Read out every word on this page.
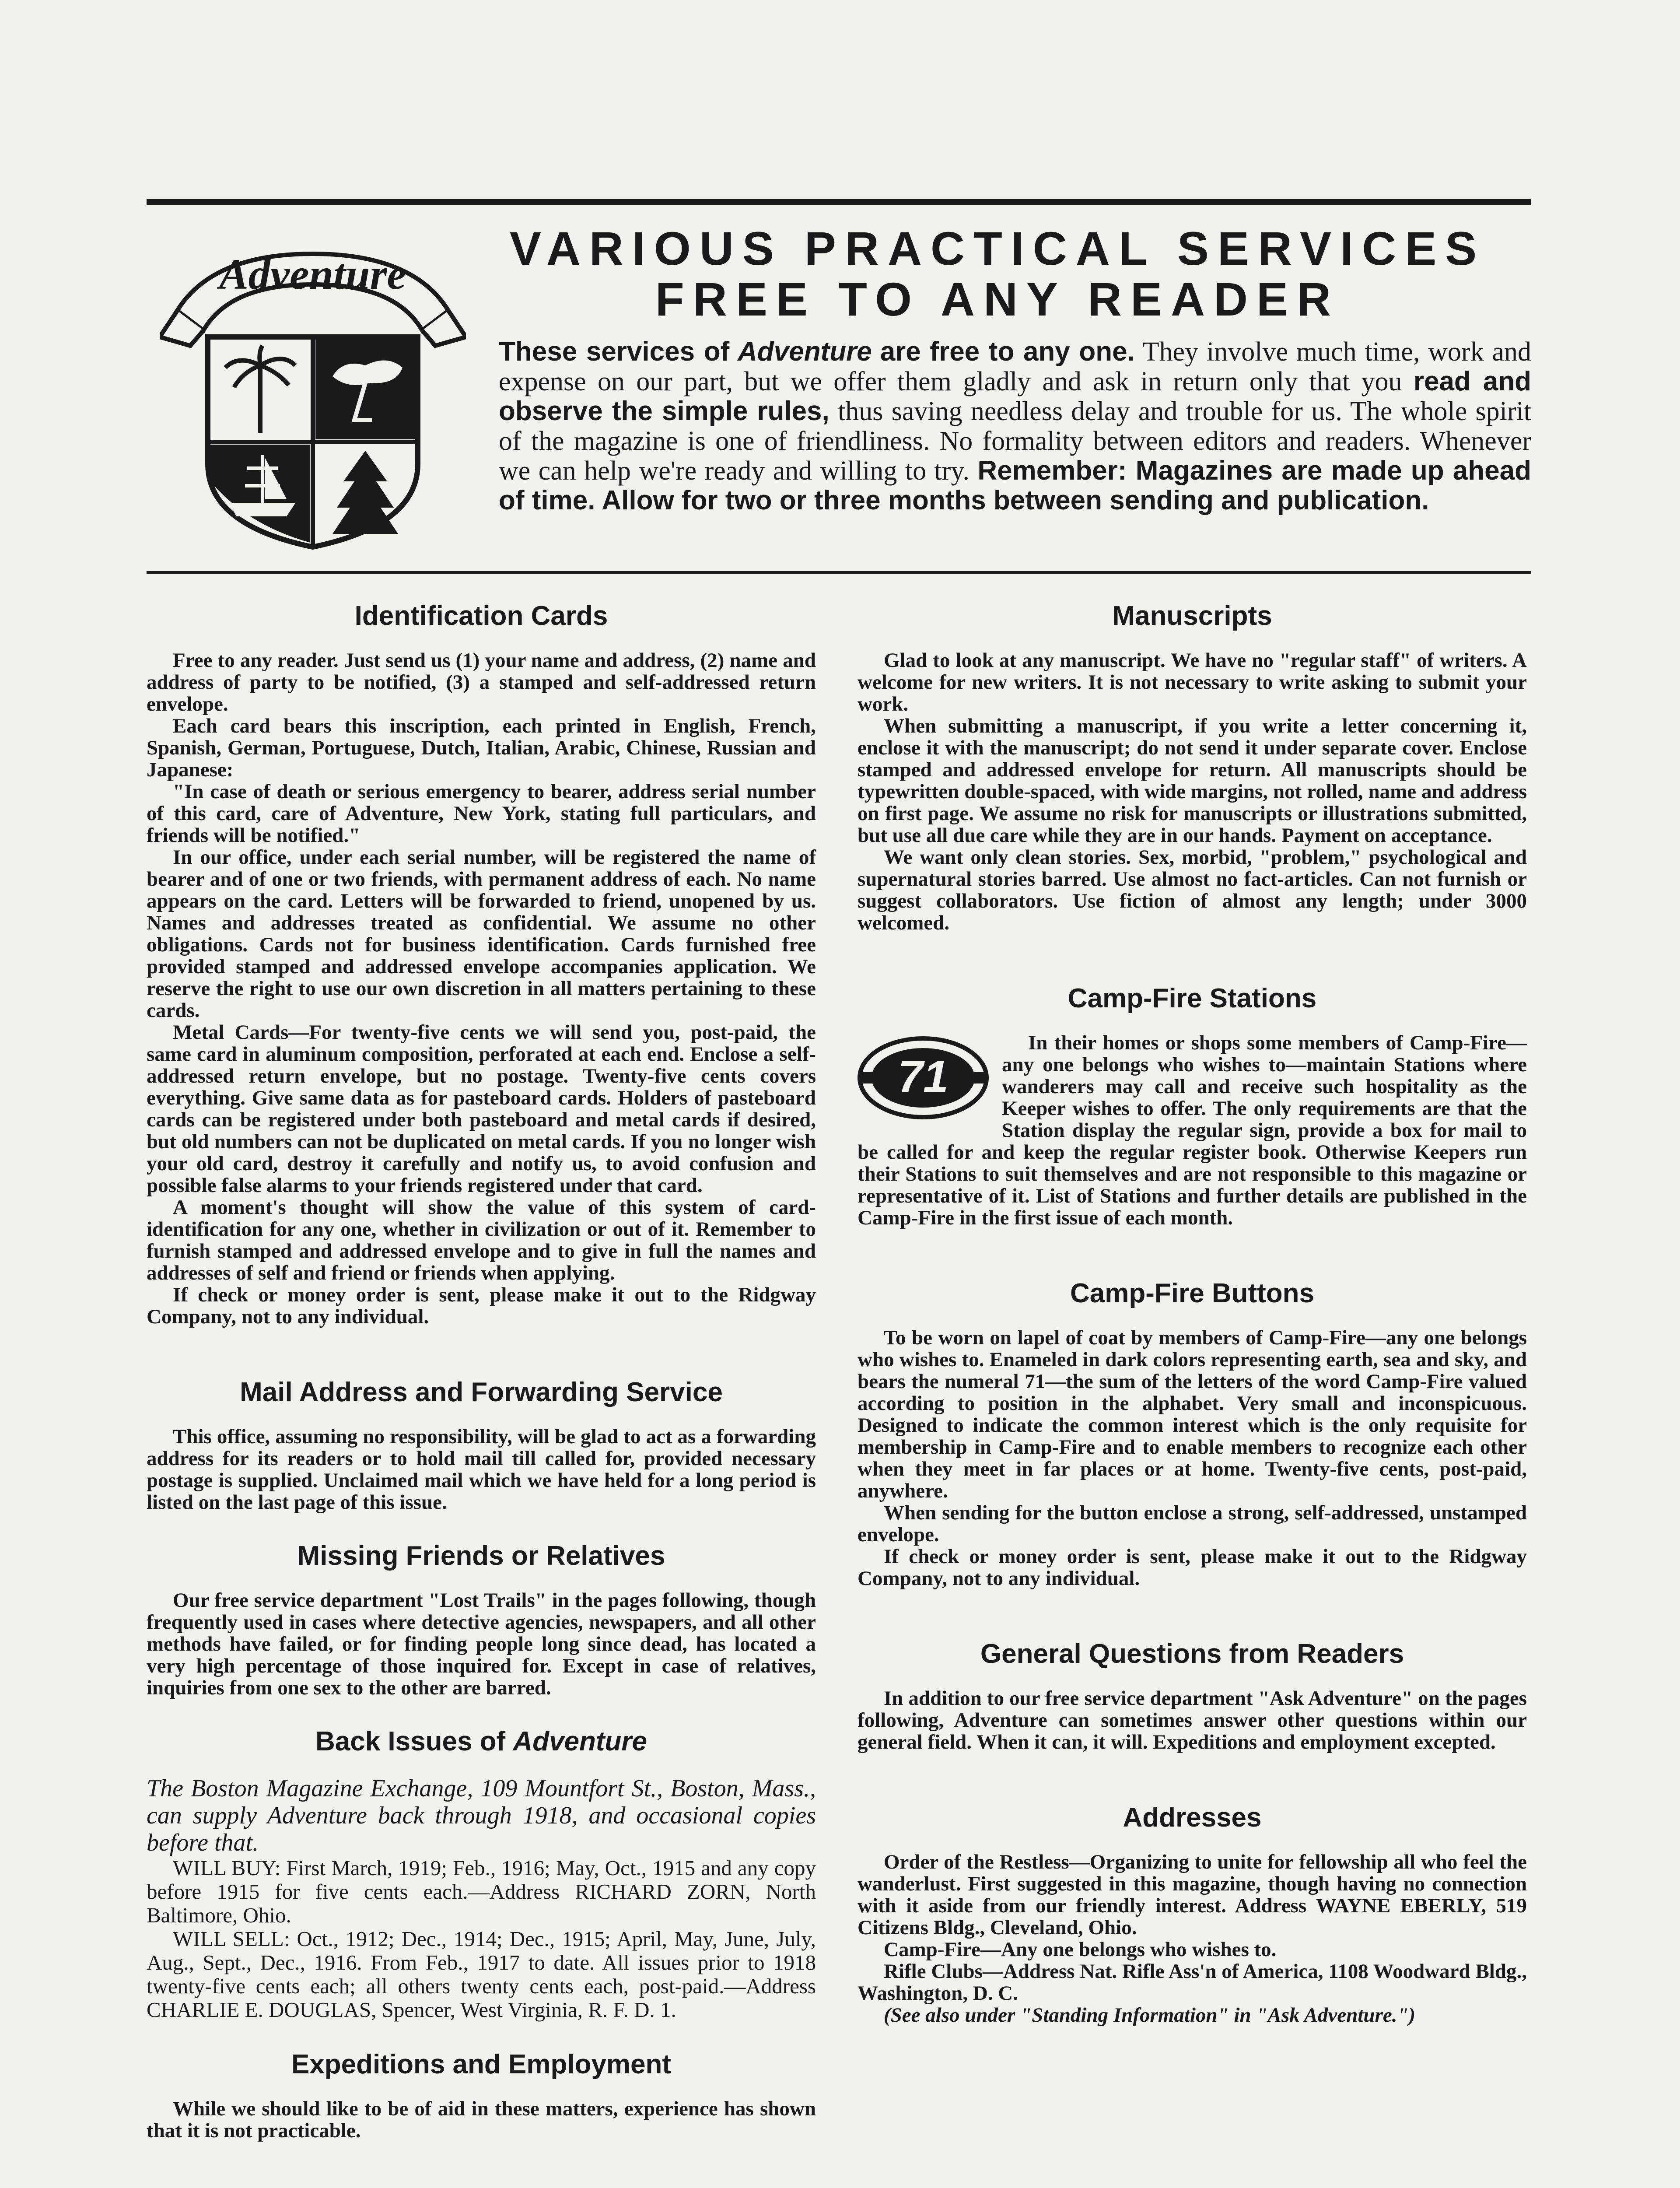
Adventure	VARIOUS PRACTICAL SERVICES
FREE TO ANY READER
These services of Adventure are free to any one. They involve much time, work and expense on our part, but we offer them gladly and ask in return only that you read and observe the simple rules, thus saving needless delay and trouble for us. The whole spirit of the magazine is one of friendliness. No formality between editors and readers. Whenever we can help we're ready and willing to try. Remember: Magazines are made up ahead of time. Allow for two or three months between sending and publication.
Identification Cards

Free to any reader. Just send us (1) your name and address, (2) name and address of party to be notified, (3) a stamped and self-addressed return envelope.

Each card bears this inscription, each printed in English, French, Spanish, German, Portuguese, Dutch, Italian, Arabic, Chinese, Russian and Japanese:

"In case of death or serious emergency to bearer, address serial number of this card, care of Adventure, New York, stating full particulars, and friends will be notified."

In our office, under each serial number, will be registered the name of bearer and of one or two friends, with permanent address of each. No name appears on the card. Letters will be forwarded to friend, unopened by us. Names and addresses treated as confidential. We assume no other obligations. Cards not for business identification. Cards furnished free provided stamped and addressed envelope accompanies application. We reserve the right to use our own discretion in all matters pertaining to these cards.

Metal Cards—For twenty-five cents we will send you, post-paid, the same card in aluminum composition, perforated at each end. Enclose a self-addressed return envelope, but no postage. Twenty-five cents covers everything. Give same data as for pasteboard cards. Holders of pasteboard cards can be registered under both pasteboard and metal cards if desired, but old numbers can not be duplicated on metal cards. If you no longer wish your old card, destroy it carefully and notify us, to avoid confusion and possible false alarms to your friends registered under that card.

A moment's thought will show the value of this system of card-identification for any one, whether in civilization or out of it. Remember to furnish stamped and addressed envelope and to give in full the names and addresses of self and friend or friends when applying.

If check or money order is sent, please make it out to the Ridgway Company, not to any individual.

Mail Address and Forwarding Service

This office, assuming no responsibility, will be glad to act as a forwarding address for its readers or to hold mail till called for, provided necessary postage is supplied. Unclaimed mail which we have held for a long period is listed on the last page of this issue.

Missing Friends or Relatives

Our free service department "Lost Trails" in the pages following, though frequently used in cases where detective agencies, newspapers, and all other methods have failed, or for finding people long since dead, has located a very high percentage of those inquired for. Except in case of relatives, inquiries from one sex to the other are barred.

Back Issues of Adventure

The Boston Magazine Exchange, 109 Mountfort St., Boston, Mass., can supply Adventure back through 1918, and occasional copies before that.

WILL BUY: First March, 1919; Feb., 1916; May, Oct., 1915 and any copy before 1915 for five cents each.—Address RICHARD ZORN, North Baltimore, Ohio.

WILL SELL: Oct., 1912; Dec., 1914; Dec., 1915; April, May, June, July, Aug., Sept., Dec., 1916. From Feb., 1917 to date. All issues prior to 1918 twenty-five cents each; all others twenty cents each, post-paid.—Address CHARLIE E. DOUGLAS, Spencer, West Virginia, R. F. D. 1.

Expeditions and Employment

While we should like to be of aid in these matters, experience has shown that it is not practicable.

Manuscripts

Glad to look at any manuscript. We have no "regular staff" of writers. A welcome for new writers. It is not necessary to write asking to submit your work.

When submitting a manuscript, if you write a letter concerning it, enclose it with the manuscript; do not send it under separate cover. Enclose stamped and addressed envelope for return. All manuscripts should be typewritten double-spaced, with wide margins, not rolled, name and address on first page. We assume no risk for manuscripts or illustrations submitted, but use all due care while they are in our hands. Payment on acceptance.

We want only clean stories. Sex, morbid, "problem," psychological and supernatural stories barred. Use almost no fact-articles. Can not furnish or suggest collaborators. Use fiction of almost any length; under 3000 welcomed.

Camp-Fire Stations
71

In their homes or shops some members of Camp-Fire—any one belongs who wishes to—maintain Stations where wanderers may call and receive such hospitality as the Keeper wishes to offer. The only requirements are that the Station display the regular sign, provide a box for mail to be called for and keep the regular register book. Otherwise Keepers run their Stations to suit themselves and are not responsible to this magazine or representative of it. List of Stations and further details are published in the Camp-Fire in the first issue of each month.

Camp-Fire Buttons

To be worn on lapel of coat by members of Camp-Fire—any one belongs who wishes to. Enameled in dark colors representing earth, sea and sky, and bears the numeral 71—the sum of the letters of the word Camp-Fire valued according to position in the alphabet. Very small and inconspicuous. Designed to indicate the common interest which is the only requisite for membership in Camp-Fire and to enable members to recognize each other when they meet in far places or at home. Twenty-five cents, post-paid, anywhere.

When sending for the button enclose a strong, self-addressed, unstamped envelope.

If check or money order is sent, please make it out to the Ridgway Company, not to any individual.

General Questions from Readers

In addition to our free service department "Ask Adventure" on the pages following, Adventure can sometimes answer other questions within our general field. When it can, it will. Expeditions and employment excepted.

Addresses

Order of the Restless—Organizing to unite for fellowship all who feel the wanderlust. First suggested in this magazine, though having no connection with it aside from our friendly interest. Address WAYNE EBERLY, 519 Citizens Bldg., Cleveland, Ohio.

Camp-Fire—Any one belongs who wishes to.

Rifle Clubs—Address Nat. Rifle Ass'n of America, 1108 Woodward Bldg., Washington, D. C.

(See also under "Standing Information" in "Ask Adventure.")
